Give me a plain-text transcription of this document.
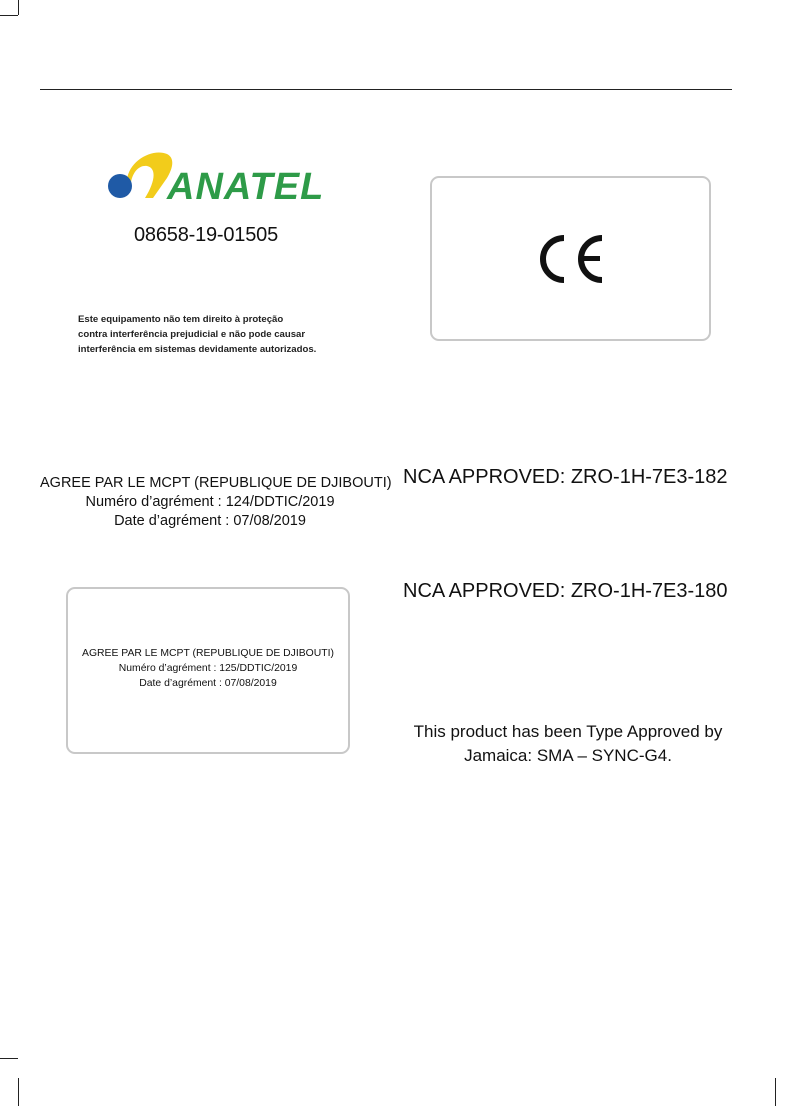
ANATEL
08658-19-01505
Este equipamento não tem direito à proteção
contra interferência prejudicial e não pode causar
interferência em sistemas devidamente autorizados.
AGREE PAR LE MCPT (REPUBLIQUE DE DJIBOUTI)
Numéro d’agrément : 124/DDTIC/2019
Date d’agrément : 07/08/2019
NCA APPROVED: ZRO-1H-7E3-182
NCA APPROVED: ZRO-1H-7E3-180
AGREE PAR LE MCPT (REPUBLIQUE DE DJIBOUTI)
Numéro d’agrément : 125/DDTIC/2019
Date d’agrément : 07/08/2019
This product has been Type Approved by
Jamaica: SMA – SYNC-G4.
